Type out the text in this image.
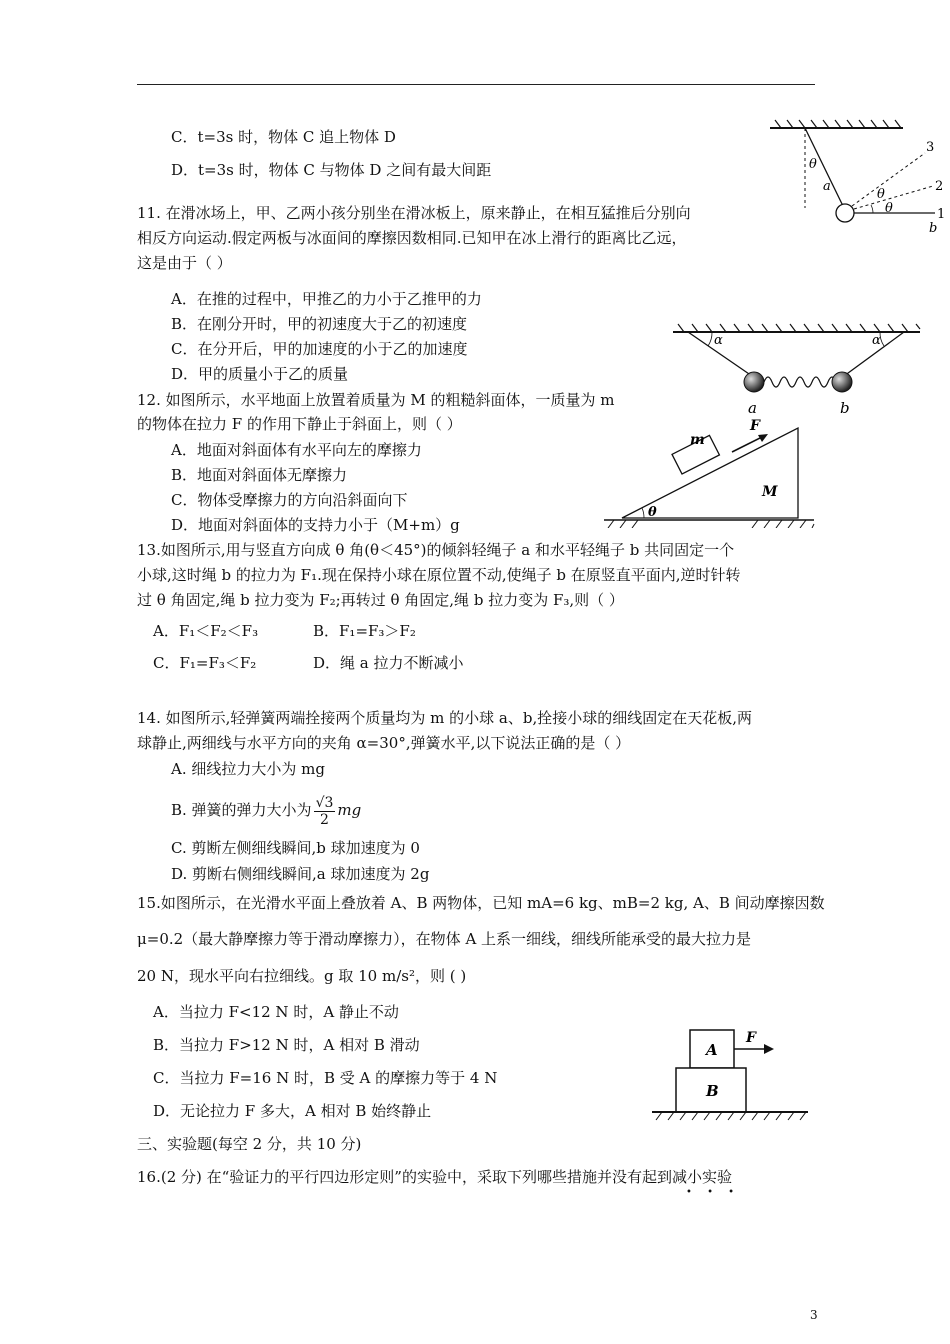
C．t=3s 时，物体 C 追上物体 D
D．t=3s 时，物体 C 与物体 D 之间有最大间距
11. 在滑冰场上，甲、乙两小孩分别坐在滑冰板上，原来静止，在相互猛推后分别向
相反方向运动.假定两板与冰面间的摩擦因数相同.已知甲在冰上滑行的距离比乙远，
这是由于（ ）
A．在推的过程中，甲推乙的力小于乙推甲的力
B．在刚分开时，甲的初速度大于乙的初速度
C．在分开后，甲的加速度的小于乙的加速度
D．甲的质量小于乙的质量
12. 如图所示，水平地面上放置着质量为 M 的粗糙斜面体，一质量为 m
的物体在拉力 F 的作用下静止于斜面上，则（ ）
A．地面对斜面体有水平向左的摩擦力
B．地面对斜面体无摩擦力
C．物体受摩擦力的方向沿斜面向下
D．地面对斜面体的支持力小于（M+m）g
13.如图所示,用与竖直方向成 θ 角(θ＜45°)的倾斜轻绳子 a 和水平轻绳子 b 共同固定一个
小球,这时绳 b 的拉力为 F₁.现在保持小球在原位置不动,使绳子 b 在原竖直平面内,逆时针转
过 θ 角固定,绳 b 拉力变为 F₂;再转过 θ 角固定,绳 b 拉力变为 F₃,则（ ）
A．F₁＜F₂＜F₃	B．F₁=F₃＞F₂
C．F₁=F₃＜F₂	D．绳 a 拉力不断减小
14. 如图所示,轻弹簧两端拴接两个质量均为 m 的小球 a、b,拴接小球的细线固定在天花板,两
球静止,两细线与水平方向的夹角 α=30°,弹簧水平,以下说法正确的是（ ）
A. 细线拉力大小为 mg
B. 弹簧的弹力大小为 $\frac{√3}{2}$ mg
C. 剪断左侧细线瞬间,b 球加速度为 0
D. 剪断右侧细线瞬间,a 球加速度为 2g
15.如图所示，在光滑水平面上叠放着 A、B 两物体，已知 mA=6 kg、mB=2 kg, A、B 间动摩擦因数
μ=0.2（最大静摩擦力等于滑动摩擦力），在物体 A 上系一细线，细线所能承受的最大拉力是
20 N，现水平向右拉细线。g 取 10 m/s²，则 ( )
A．当拉力 F<12 N 时，A 静止不动
B．当拉力 F>12 N 时，A 相对 B 滑动
C．当拉力 F=16 N 时，B 受 A 的摩擦力等于 4 N
D．无论拉力 F 多大，A 相对 B 始终静止
三、实验题(每空 2 分，共 10 分)
16.(2 分) 在“验证力的平行四边形定则”的实验中，采取下列哪些措施并没有起到减小实验
• • •
θ
a
θ
θ
b
1
2
3
α	α
a	b
m
F
M
θ
A
B
F
3
